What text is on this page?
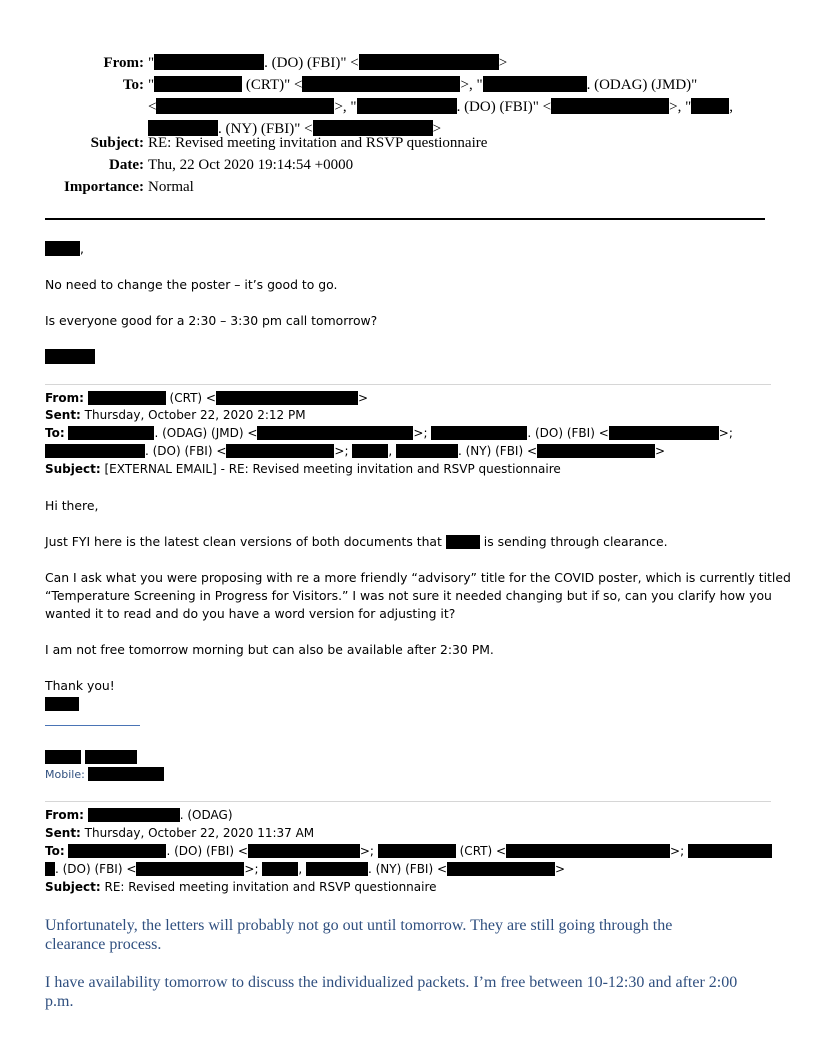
From: "	. (DO) (FBI)" <	>
To: "	(CRT)" <	>, "	. (ODAG) (JMD)"
<	>, "	. (DO) (FBI)" <	>, "	,
. (NY) (FBI)" <	>
Subject: RE: Revised meeting invitation and RSVP questionnaire
Date: Thu, 22 Oct 2020 19:14:54 +0000
Importance: Normal
,
No need to change the poster – it’s good to go.
Is everyone good for a 2:30 – 3:30 pm call tomorrow?
From:	(CRT) <	>
Sent: Thursday, October 22, 2020 2:12 PM
To:	. (ODAG) (JMD) <	>;	. (DO) (FBI) <	>;
. (DO) (FBI) <	>;	,	. (NY) (FBI) <	>
Subject: [EXTERNAL EMAIL] - RE: Revised meeting invitation and RSVP questionnaire
Hi there,
Just FYI here is the latest clean versions of both documents that	is sending through clearance.
Can I ask what you were proposing with re a more friendly “advisory” title for the COVID poster, which is currently titled
“Temperature Screening in Progress for Visitors.” I was not sure it needed changing but if so, can you clarify how you
wanted it to read and do you have a word version for adjusting it?
I am not free tomorrow morning but can also be available after 2:30 PM.
Thank you!

Mobile:
From:	. (ODAG)
Sent: Thursday, October 22, 2020 11:37 AM
To:	. (DO) (FBI) <	>;	(CRT) <	>;
. (DO) (FBI) <	>;	,	. (NY) (FBI) <	>
Subject: RE: Revised meeting invitation and RSVP questionnaire
Unfortunately, the letters will probably not go out until tomorrow. They are still going through the
clearance process.
I have availability tomorrow to discuss the individualized packets. I’m free between 10-12:30 and after 2:00
p.m.
